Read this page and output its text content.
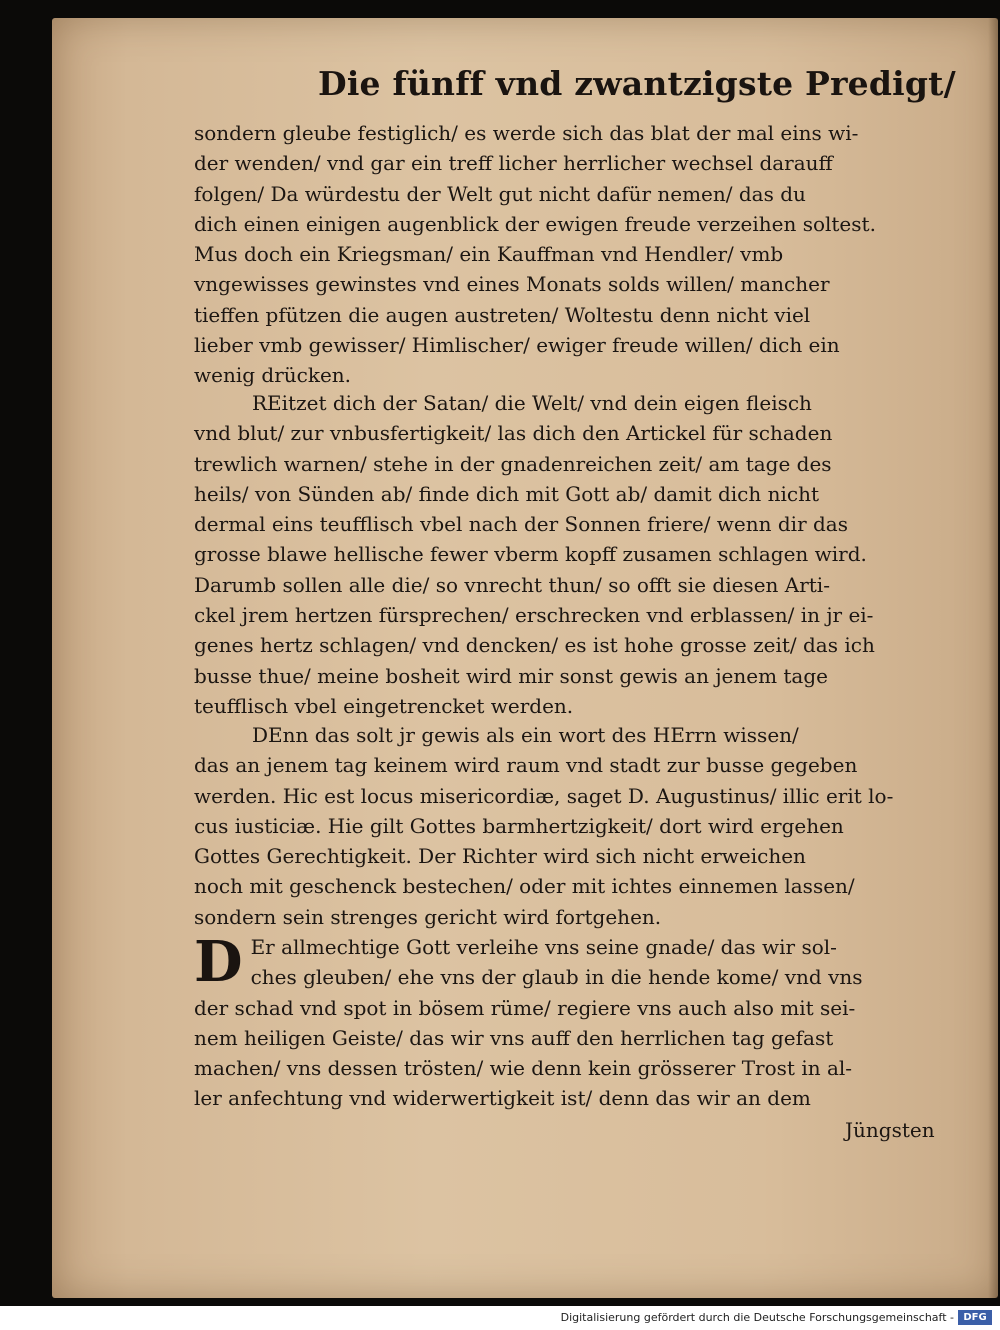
Die fünff vnd zwantzigste Predigt/
sondern gleube festiglich/ es werde sich das blat der mal eins wi-
der wenden/ vnd gar ein treff licher herrlicher wechsel darauff
folgen/ Da würdestu der Welt gut nicht dafür nemen/ das du
dich einen einigen augenblick der ewigen freude verzeihen soltest.
Mus doch ein Kriegsman/ ein Kauffman vnd Hendler/ vmb
vngewisses gewinstes vnd eines Monats solds willen/ mancher
tieffen pfützen die augen austreten/ Woltestu denn nicht viel
lieber vmb gewisser/ Himlischer/ ewiger freude willen/ dich ein
wenig drücken.
REitzet dich der Satan/ die Welt/ vnd dein eigen fleisch
vnd blut/ zur vnbusfertigkeit/ las dich den Artickel für schaden
trewlich warnen/ stehe in der gnadenreichen zeit/ am tage des
heils/ von Sünden ab/ finde dich mit Gott ab/ damit dich nicht
dermal eins teufflisch vbel nach der Sonnen friere/ wenn dir das
grosse blawe hellische fewer vberm kopff zusamen schlagen wird.
Darumb sollen alle die/ so vnrecht thun/ so offt sie diesen Arti-
ckel jrem hertzen fürsprechen/ erschrecken vnd erblassen/ in jr ei-
genes hertz schlagen/ vnd dencken/ es ist hohe grosse zeit/ das ich
busse thue/ meine bosheit wird mir sonst gewis an jenem tage
teufflisch vbel eingetrencket werden.
DEnn das solt jr gewis als ein wort des HErrn wissen/
das an jenem tag keinem wird raum vnd stadt zur busse gegeben
werden. Hic est locus misericordiæ, saget D. Augustinus/ illic erit lo-
cus iusticiæ. Hie gilt Gottes barmhertzigkeit/ dort wird ergehen
Gottes Gerechtigkeit. Der Richter wird sich nicht erweichen
noch mit geschenck bestechen/ oder mit ichtes einnemen lassen/
sondern sein strenges gericht wird fortgehen.
D Er allmechtige Gott verleihe vns seine gnade/ das wir sol-
ches gleuben/ ehe vns der glaub in die hende kome/ vnd vns
der schad vnd spot in bösem rüme/ regiere vns auch also mit sei-
nem heiligen Geiste/ das wir vns auff den herrlichen tag gefast
machen/ vns dessen trösten/ wie denn kein grösserer Trost in al-
ler anfechtung vnd widerwertigkeit ist/ denn das wir an dem
Jüngsten
Digitalisierung gefördert durch die Deutsche Forschungsgemeinschaft - DFG
